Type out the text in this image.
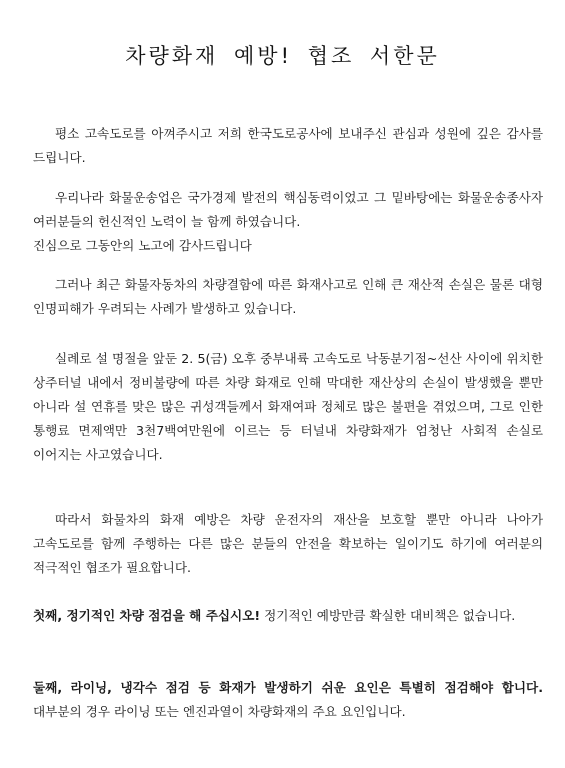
차량화재 예방! 협조 서한문
평소 고속도로를 아껴주시고 저희 한국도로공사에 보내주신 관심과 성원에 깊은 감사를 드립니다.
우리나라 화물운송업은 국가경제 발전의 핵심동력이었고 그 밑바탕에는 화물운송종사자 여러분들의 헌신적인 노력이 늘 함께 하였습니다.
진심으로 그동안의 노고에 감사드립니다
그러나 최근 화물자동차의 차량결함에 따른 화재사고로 인해 큰 재산적 손실은 물론 대형 인명피해가 우려되는 사례가 발생하고 있습니다.
실례로 설 명절을 앞둔 2. 5(금) 오후 중부내륙 고속도로 낙동분기점~선산 사이에 위치한 상주터널 내에서 정비불량에 따른 차량 화재로 인해 막대한 재산상의 손실이 발생했을 뿐만 아니라 설 연휴를 맞은 많은 귀성객들께서 화재여파 정체로 많은 불편을 겪었으며, 그로 인한 통행료 면제액만 3천7백여만원에 이르는 등 터널내 차량화재가 엄청난 사회적 손실로 이어지는 사고였습니다.
따라서 화물차의 화재 예방은 차량 운전자의 재산을 보호할 뿐만 아니라 나아가 고속도로를 함께 주행하는 다른 많은 분들의 안전을 확보하는 일이기도 하기에 여러분의 적극적인 협조가 필요합니다.
첫째, 정기적인 차량 점검을 해 주십시오! 정기적인 예방만큼 확실한 대비책은 없습니다.
둘째, 라이닝, 냉각수 점검 등 화재가 발생하기 쉬운 요인은 특별히 점검해야 합니다. 대부분의 경우 라이닝 또는 엔진과열이 차량화재의 주요 요인입니다.
